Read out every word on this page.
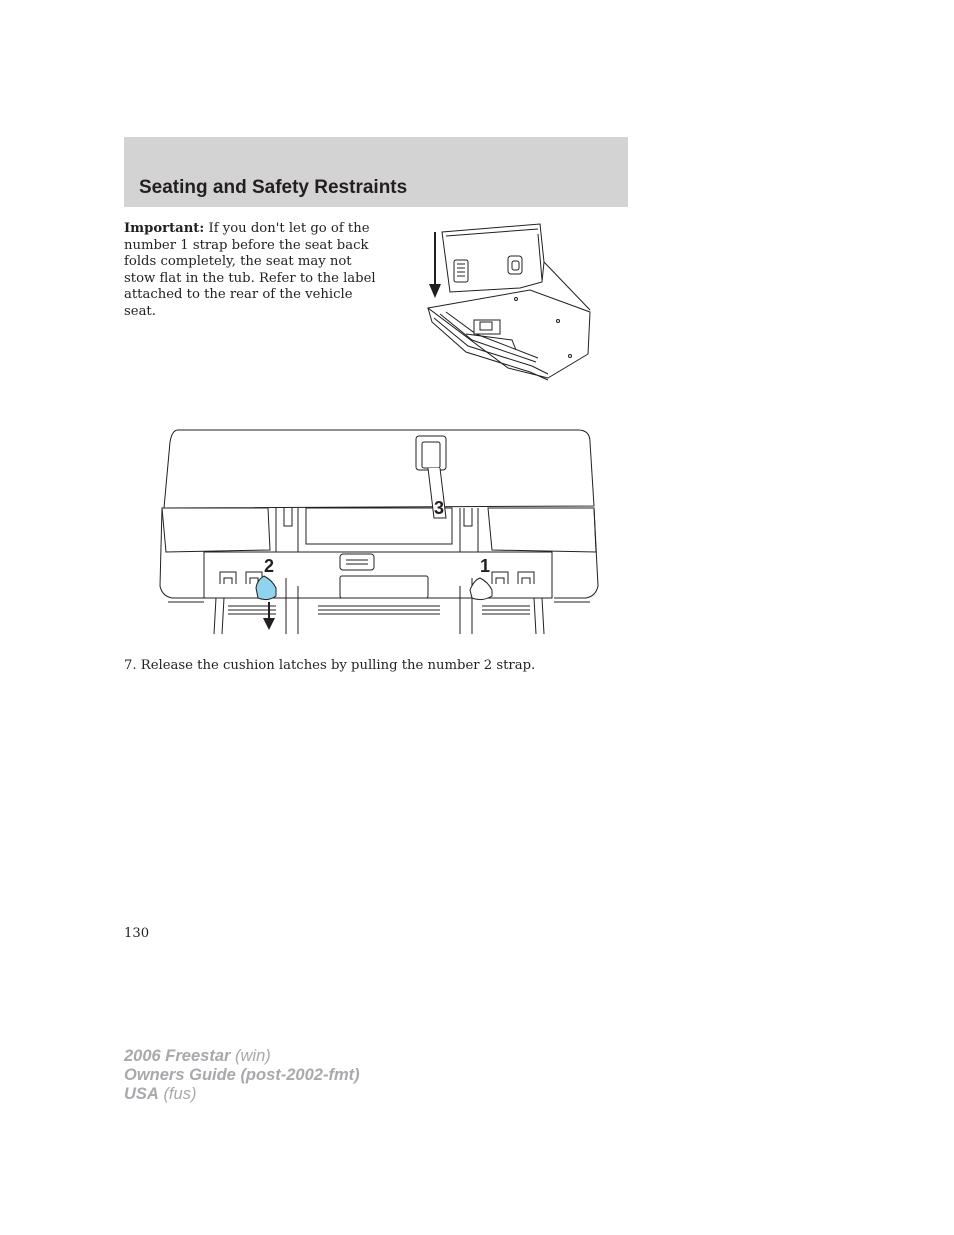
Seating and Safety Restraints

Important: If you don't let go of the number 1 strap before the seat back folds completely, the seat may not stow flat in the tub. Refer to the label attached to the rear of the vehicle seat.

2	1
3

7. Release the cushion latches by pulling the number 2 strap.

130
2006 Freestar (win)
Owners Guide (post-2002-fmt)
USA (fus)
